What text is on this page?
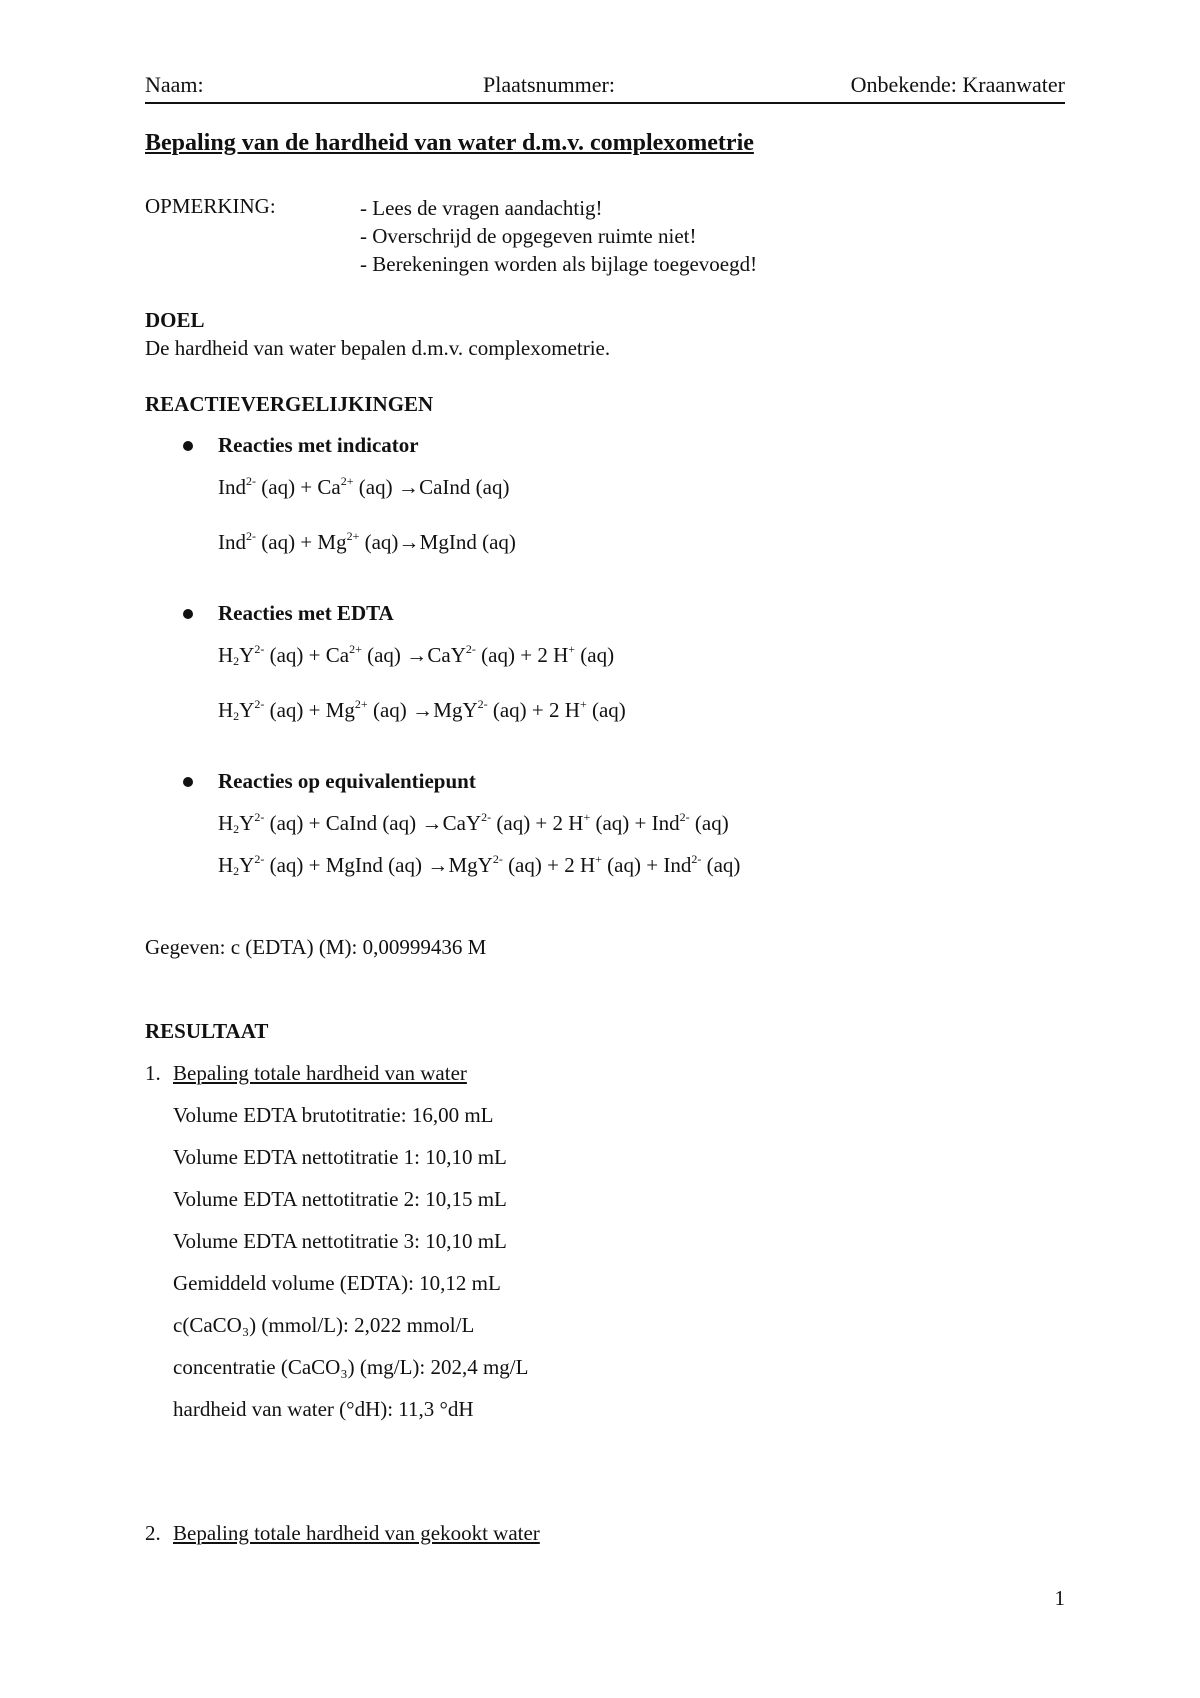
Naam:	Plaatsnummer:	Onbekende: Kraanwater
Bepaling van de hardheid van water d.m.v. complexometrie
OPMERKING:	- Lees de vragen aandachtig!
- Overschrijd de opgegeven ruimte niet!
- Berekeningen worden als bijlage toegevoegd!
DOEL
De hardheid van water bepalen d.m.v. complexometrie.
REACTIEVERGELIJKINGEN
Reacties met indicator
Ind$^{2-}$ $(aq) + Ca^{2+}$ (aq) → CaInd (aq)
Ind$^{2-}$ $(aq) + Mg^{2+}$ (aq)→ MgInd (aq)
Reacties met EDTA
$H_2Y^{2-}$ $(aq) + Ca^{2+}$ (aq) → CaY$^{2-}$ (aq) + 2 H+ (aq)
$H_2Y^{2-}$ $(aq) + Mg^{2+}$ (aq) → MgY$^{2-}$ (aq) + 2 H+ (aq)
Reacties op equivalentiepunt
$H_2Y^{2-}$ (aq) + CaInd (aq) → CaY$^{2-}$ (aq) + 2 H+ (aq) + Ind$^{2-}$ (aq)
$H_2Y^{2-}$ (aq) + MgInd (aq) → MgY$^{2-}$ (aq) + 2 H+ (aq) + Ind$^{2-}$ (aq)
Gegeven: c (EDTA) (M): 0,00999436 M
RESULTAAT
1. Bepaling totale hardheid van water
Volume EDTA brutotitratie: 16,00 mL
Volume EDTA nettotitratie 1: 10,10 mL
Volume EDTA nettotitratie 2: 10,15 mL
Volume EDTA nettotitratie 3: 10,10 mL
Gemiddeld volume (EDTA): 10,12 mL
c(CaCO₃) (mmol/L): 2,022 mmol/L
concentratie (CaCO₃) (mg/L): 202,4 mg/L
hardheid van water (°dH): 11,3 °dH
2. Bepaling totale hardheid van gekookt water
1
